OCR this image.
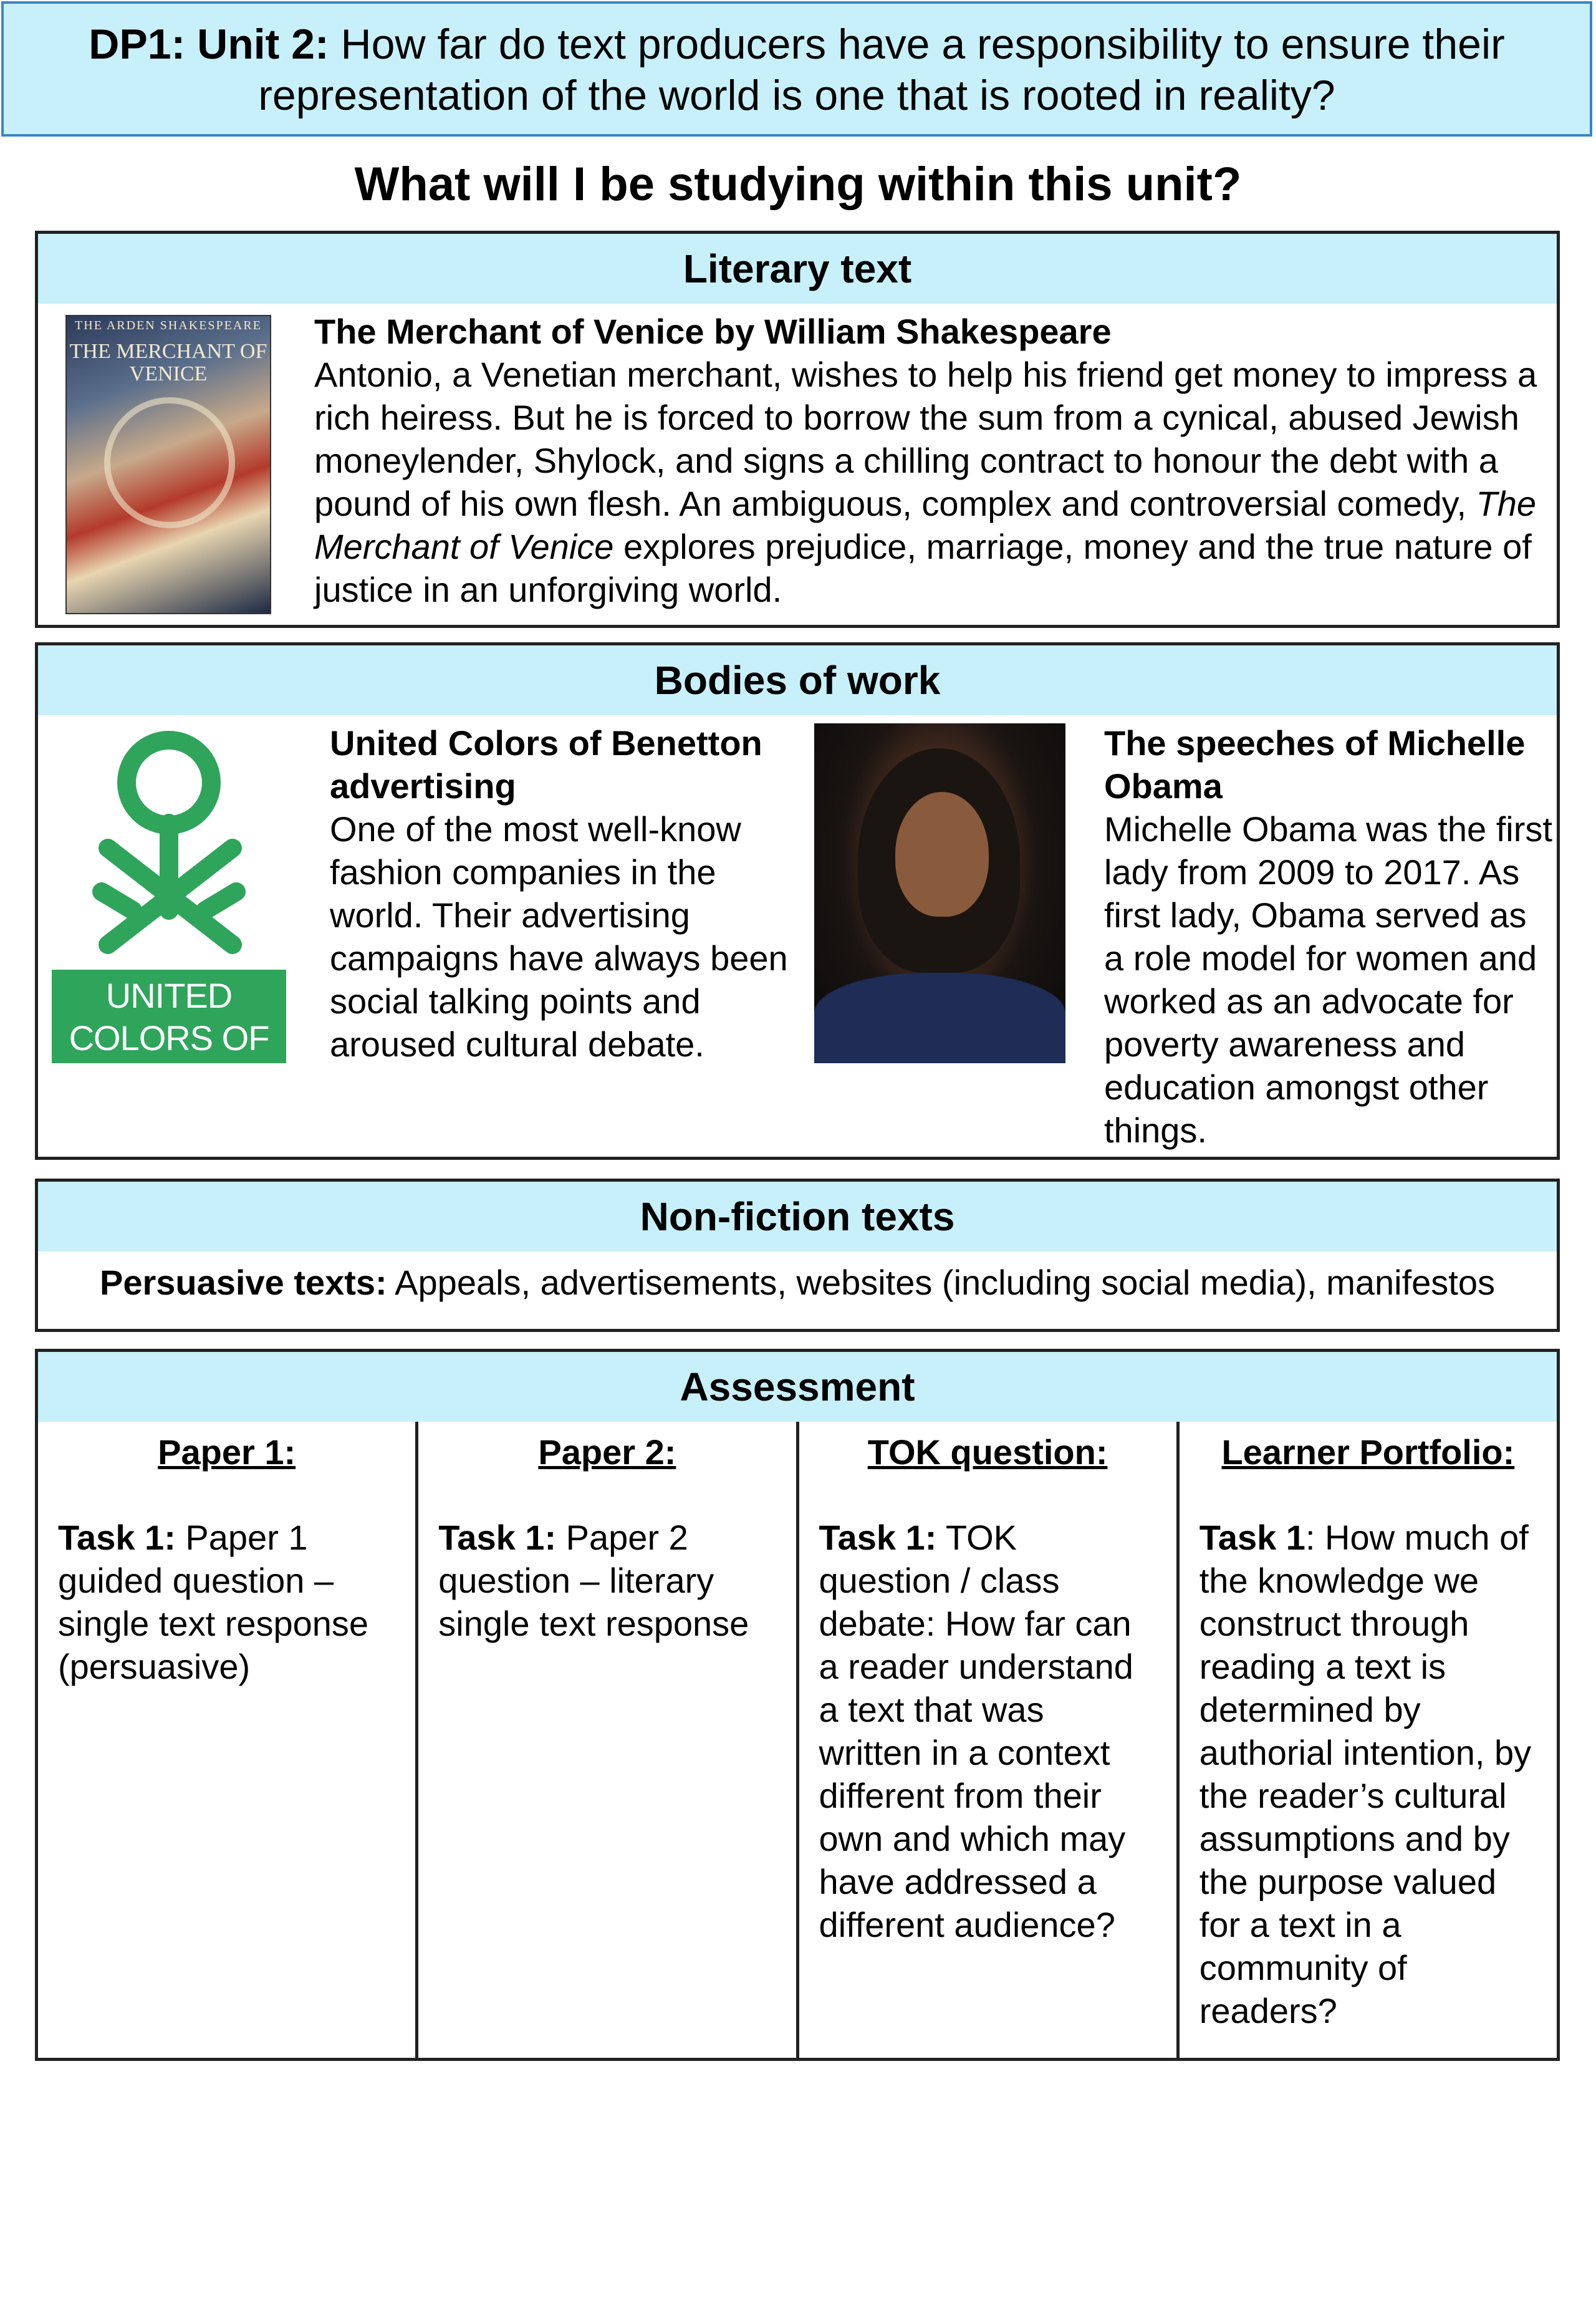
DP1: Unit 2: How far do text producers have a responsibility to ensure their representation of the world is one that is rooted in reality?
What will I be studying within this unit?
Literary text
THE ARDEN SHAKESPEARE
THE MERCHANT OF VENICE
The Merchant of Venice by William Shakespeare
Antonio, a Venetian merchant, wishes to help his friend get money to impress a rich heiress. But he is forced to borrow the sum from a cynical, abused Jewish moneylender, Shylock, and signs a chilling contract to honour the debt with a pound of his own flesh. An ambiguous, complex and controversial comedy, The Merchant of Venice explores prejudice, marriage, money and the true nature of justice in an unforgiving world.
Bodies of work
UNITED COLORS OF BENETTON.
United Colors of Benetton advertising
One of the most well-know fashion companies in the world. Their advertising campaigns have always been social talking points and aroused cultural debate.
The speeches of Michelle Obama
Michelle Obama was the first lady from 2009 to 2017. As first lady, Obama served as a role model for women and worked as an advocate for poverty awareness and education amongst other things.
Non-fiction texts
Persuasive texts: Appeals, advertisements, websites (including social media), manifestos
Assessment
Paper 1:
Task 1: Paper 1 guided question – single text response (persuasive)
Paper 2:
Task 1: Paper 2 question – literary single text response
TOK question:
Task 1: TOK question / class debate: How far can a reader understand a text that was written in a context different from their own and which may have addressed a different audience?
Learner Portfolio:
Task 1: How much of the knowledge we construct through reading a text is determined by authorial intention, by the reader’s cultural assumptions and by the purpose valued for a text in a community of readers?
